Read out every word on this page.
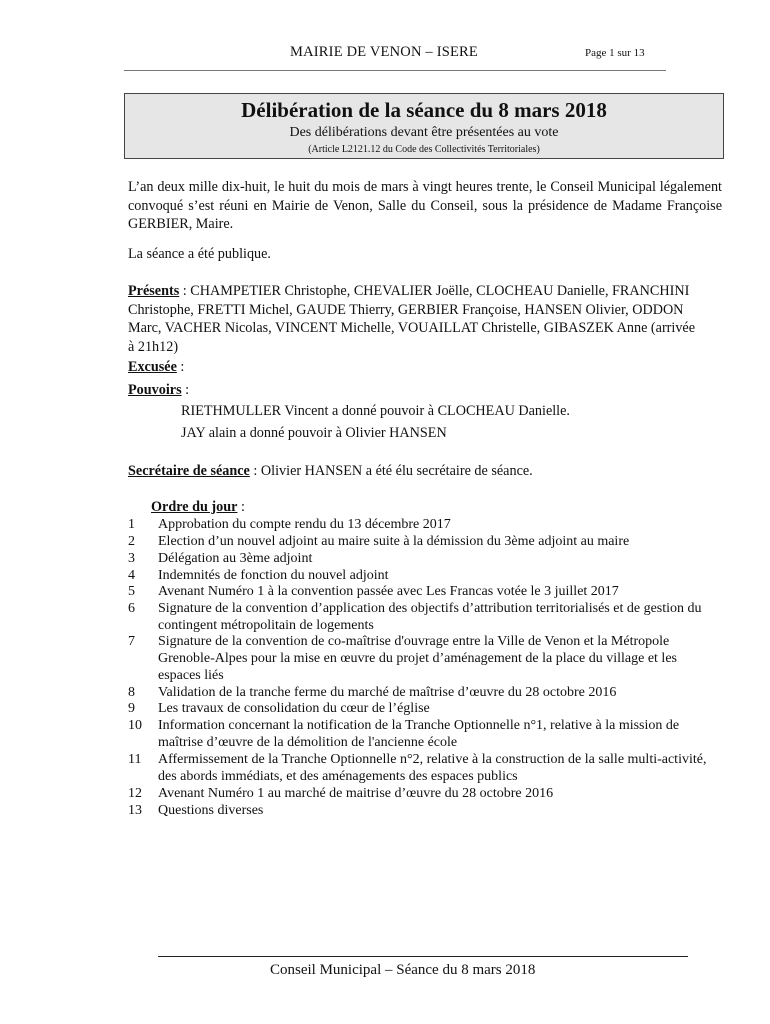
MAIRIE DE VENON – ISERE	Page 1 sur 13
Délibération de la séance du 8 mars 2018
Des délibérations devant être présentées au vote
(Article L2121.12 du Code des Collectivités Territoriales)

L’an deux mille dix-huit, le huit du mois de mars à vingt heures trente, le Conseil Municipal légalement convoqué s’est réuni en Mairie de Venon, Salle du Conseil, sous la présidence de Madame Françoise GERBIER, Maire.

La séance a été publique.

Présents : CHAMPETIER Christophe, CHEVALIER Joëlle, CLOCHEAU Danielle, FRANCHINI Christophe, FRETTI Michel, GAUDE Thierry, GERBIER Françoise, HANSEN Olivier, ODDON Marc, VACHER Nicolas, VINCENT Michelle, VOUAILLAT Christelle, GIBASZEK Anne (arrivée à 21h12)

Excusée :

Pouvoirs :

RIETHMULLER Vincent a donné pouvoir à CLOCHEAU Danielle.

JAY alain a donné pouvoir à Olivier HANSEN

Secrétaire de séance : Olivier HANSEN a été élu secrétaire de séance.

Ordre du jour :

1 Approbation du compte rendu du 13 décembre 2017
2 Election d’un nouvel adjoint au maire suite à la démission du 3ème adjoint au maire
3 Délégation au 3ème adjoint
4 Indemnités de fonction du nouvel adjoint
5 Avenant Numéro 1 à la convention passée avec Les Francas votée le 3 juillet 2017
6 Signature de la convention d’application des objectifs d’attribution territorialisés et de gestion du contingent métropolitain de logements
7 Signature de la convention de co-maîtrise d'ouvrage entre la Ville de Venon et la Métropole Grenoble-Alpes pour la mise en œuvre du projet d’aménagement de la place du village et les espaces liés
8 Validation de la tranche ferme du marché de maîtrise d’œuvre du 28 octobre 2016
9Les travaux de consolidation du cœur de l’église
10 Information concernant la notification de la Tranche Optionnelle n°1, relative à la mission de maîtrise d’œuvre de la démolition de l'ancienne école
11 Affermissement de la Tranche Optionnelle n°2, relative à la construction de la salle multi-activité, des abords immédiats, et des aménagements des espaces publics
12 Avenant Numéro 1 au marché de maitrise d’œuvre du 28 octobre 2016
13 Questions diverses
Conseil Municipal – Séance du 8 mars 2018
